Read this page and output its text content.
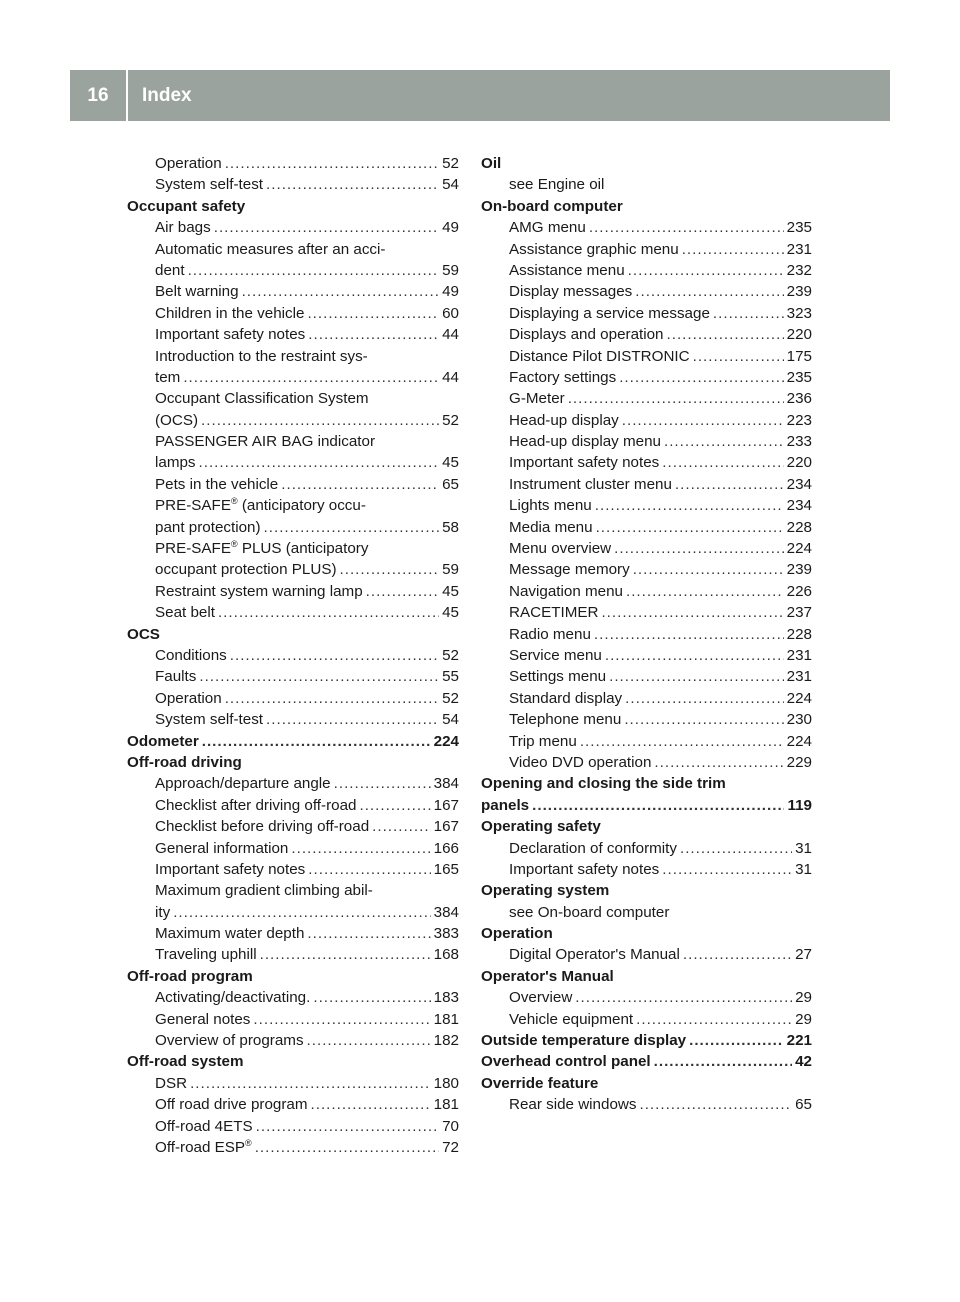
16	Index
Operation .....	52
System self-test .....	54
Occupant safety
Air bags .....	49
Automatic measures after an acci-
dent .....	59
Belt warning .....	49
Children in the vehicle .....	60
Important safety notes .....	44
Introduction to the restraint sys-
tem .....	44
Occupant Classification System
(OCS) .....	52
PASSENGER AIR BAG indicator
lamps .....	45
Pets in the vehicle .....	65
PRE-SAFE® (anticipatory occu-
pant protection) .....	58
PRE-SAFE® PLUS (anticipatory
occupant protection PLUS) .....	59
Restraint system warning lamp .....	45
Seat belt .....	45
OCS
Conditions .....	52
Faults .....	55
Operation .....	52
System self-test .....	54
Odometer .....	224
Off-road driving
Approach/departure angle .....	384
Checklist after driving off-road .....	167
Checklist before driving off-road .....	167
General information .....	166
Important safety notes .....	165
Maximum gradient climbing abil-
ity .....	384
Maximum water depth .....	383
Traveling uphill .....	168
Off-road program
Activating/deactivating. .....	183
General notes .....	181
Overview of programs .....	182
Off-road system
DSR .....	180
Off road drive program .....	181
Off-road 4ETS .....	70
Off-road ESP® .....	72
Oil
see Engine oil
On-board computer
AMG menu .....	235
Assistance graphic menu .....	231
Assistance menu .....	232
Display messages .....	239
Displaying a service message .....	323
Displays and operation .....	220
Distance Pilot DISTRONIC .....	175
Factory settings .....	235
G-Meter .....	236
Head-up display .....	223
Head-up display menu .....	233
Important safety notes .....	220
Instrument cluster menu .....	234
Lights menu .....	234
Media menu .....	228
Menu overview .....	224
Message memory .....	239
Navigation menu .....	226
RACETIMER .....	237
Radio menu .....	228
Service menu .....	231
Settings menu .....	231
Standard display .....	224
Telephone menu .....	230
Trip menu .....	224
Video DVD operation .....	229
Opening and closing the side trim
panels .....	119
Operating safety
Declaration of conformity .....	31
Important safety notes .....	31
Operating system
see On-board computer
Operation
Digital Operator's Manual .....	27
Operator's Manual
Overview .....	29
Vehicle equipment .....	29
Outside temperature display .....	221
Overhead control panel .....	42
Override feature
Rear side windows .....	65
